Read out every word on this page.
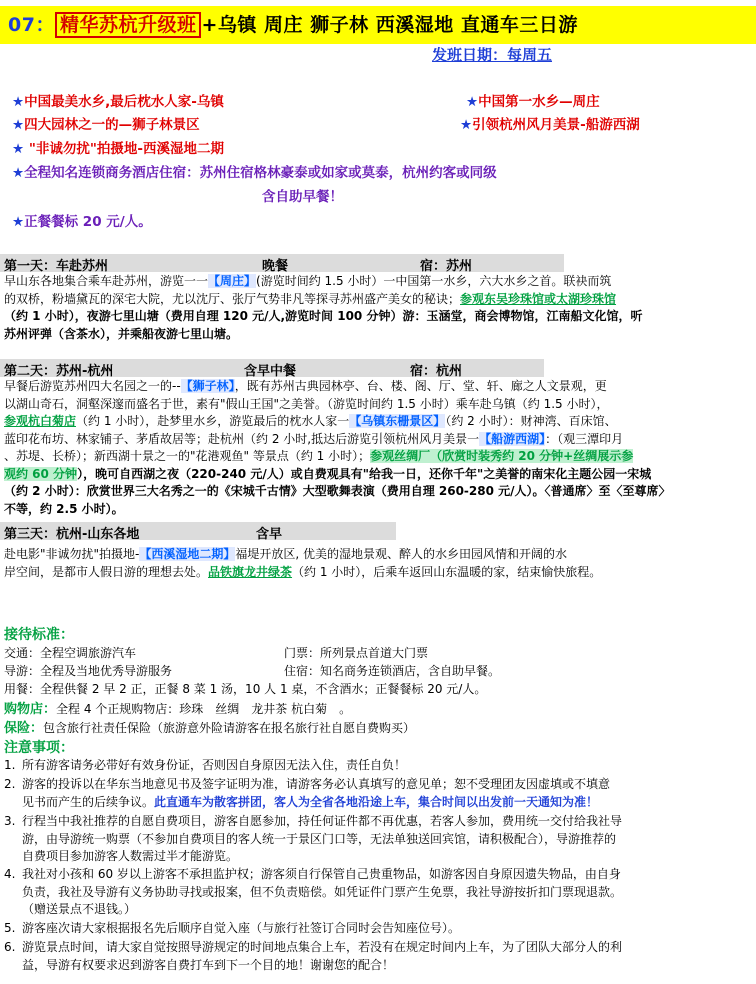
07： 精华苏杭升级班 +乌镇 周庄 狮子林 西溪湿地 直通车三日游
发班日期：每周五
★中国最美水乡,最后枕水人家-乌镇	★中国第一水乡—周庄
★四大园林之一的—狮子林景区	★引领杭州风月美景-船游西湖
★ "非诚勿扰"拍摄地-西溪湿地二期
★全程知名连锁商务酒店住宿：苏州住宿格林豪泰或如家或莫泰，杭州约客或同级
含自助早餐！
★正餐餐标 20 元/人。
第一天：车赴苏州	晚餐	宿：苏州
早山东各地集合乘车赴苏州，游览一一【周庄】(游览时间约 1.5 小时）一中国第一水乡，六大水乡之首。联袂而筑
的双桥，粉墙黛瓦的深宅大院，尤以沈厅、张厅气势非凡等探寻苏州盛产美女的秘诀；参观东吴珍珠馆或太湖珍珠馆
（约 1 小时），夜游七里山塘（费用自理 120 元/人,游览时间 100 分钟）游：玉涵堂，商会博物馆，江南船文化馆，听
苏州评弹（含茶水），并乘船夜游七里山塘。
第二天：苏州-杭州	含早中餐	宿：杭州
早餐后游览苏州四大名园之一的--【狮子林】，既有苏州古典园林亭、台、楼、阁、厅、堂、轩、廊之人文景观，更
以湖山奇石，洞壑深邃而盛名于世，素有"假山王国"之美誉。（游览时间约 1.5 小时）乘车赴乌镇（约 1.5 小时），
参观杭白菊店（约 1 小时），赴梦里水乡，游览最后的枕水人家一【乌镇东栅景区】（约 2 小时）：财神湾、百床馆、
蓝印花布坊、林家铺子、茅盾故居等；赴杭州（约 2 小时,抵达后游览引领杭州风月美景一【船游西湖】：（观三潭印月
、苏堤、长桥）；新西湖十景之一的"花港观鱼" 等景点（约 1 小时）；参观丝绸厂（欣赏时装秀约 20 分钟+丝绸展示参
观约 60 分钟），晚可自西湖之夜（220-240 元/人）或自费观具有"给我一日，还你千年"之美誉的南宋化主题公园一宋城
（约 2 小时）：欣赏世界三大名秀之一的《宋城千古情》大型歌舞表演（费用自理 260-280 元/人）。〈普通席〉至〈至尊席〉
不等，约 2.5 小时）。
第三天：杭州-山东各地	含早
赴电影"非诚勿扰"拍摄地-【西溪湿地二期】福堤开放区, 优美的湿地景观、醉人的水乡田园风情和开阔的水
岸空间，是都市人假日游的理想去处。品铁旗龙井绿茶（约 1 小时），后乘车返回山东温暖的家，结束愉快旅程。
接待标准：
交通：全程空调旅游汽车	门票：所列景点首道大门票
导游：全程及当地优秀导游服务	住宿：知名商务连锁酒店，含自助早餐。
用餐：全程供餐 2 早 2 正，正餐 8 菜 1 汤，10 人 1 桌，不含酒水；正餐餐标 20 元/人。
购物店：全程 4 个正规购物店：珍珠　丝绸　龙井茶 杭白菊　。
保险：包含旅行社责任保险（旅游意外险请游客在报名旅行社自愿自费购买）
注意事项：
1. 所有游客请务必带好有效身份证，否则因自身原因无法入住，责任自负！
2. 游客的投诉以在华东当地意见书及签字证明为准，请游客务必认真填写的意见单；恕不受理团友因虚填或不填意
见书而产生的后续争议。此直通车为散客拼团，客人为全省各地沿途上车，集合时间以出发前一天通知为准！
3. 行程当中我社推荐的自愿自费项目，游客自愿参加，持任何证件都不再优惠，若客人参加，费用统一交付给我社导
游，由导游统一购票（不参加自费项目的客人统一于景区门口等，无法单独送回宾馆，请积极配合），导游推荐的
自费项目参加游客人数需过半才能游览。
4. 我社对小孩和 60 岁以上游客不承担监护权；游客须自行保管自己贵重物品，如游客因自身原因遗失物品，由自身
负责，我社及导游有义务协助寻找或报案，但不负责赔偿。如凭证件门票产生免票，我社导游按折扣门票现退款。
（赠送景点不退钱。）
5. 游客座次请大家根据报名先后顺序自觉入座（与旅行社签订合同时会告知座位号）。
6. 游览景点时间，请大家自觉按照导游规定的时间地点集合上车，若没有在规定时间内上车，为了团队大部分人的利
益，导游有权要求迟到游客自费打车到下一个目的地！谢谢您的配合！
